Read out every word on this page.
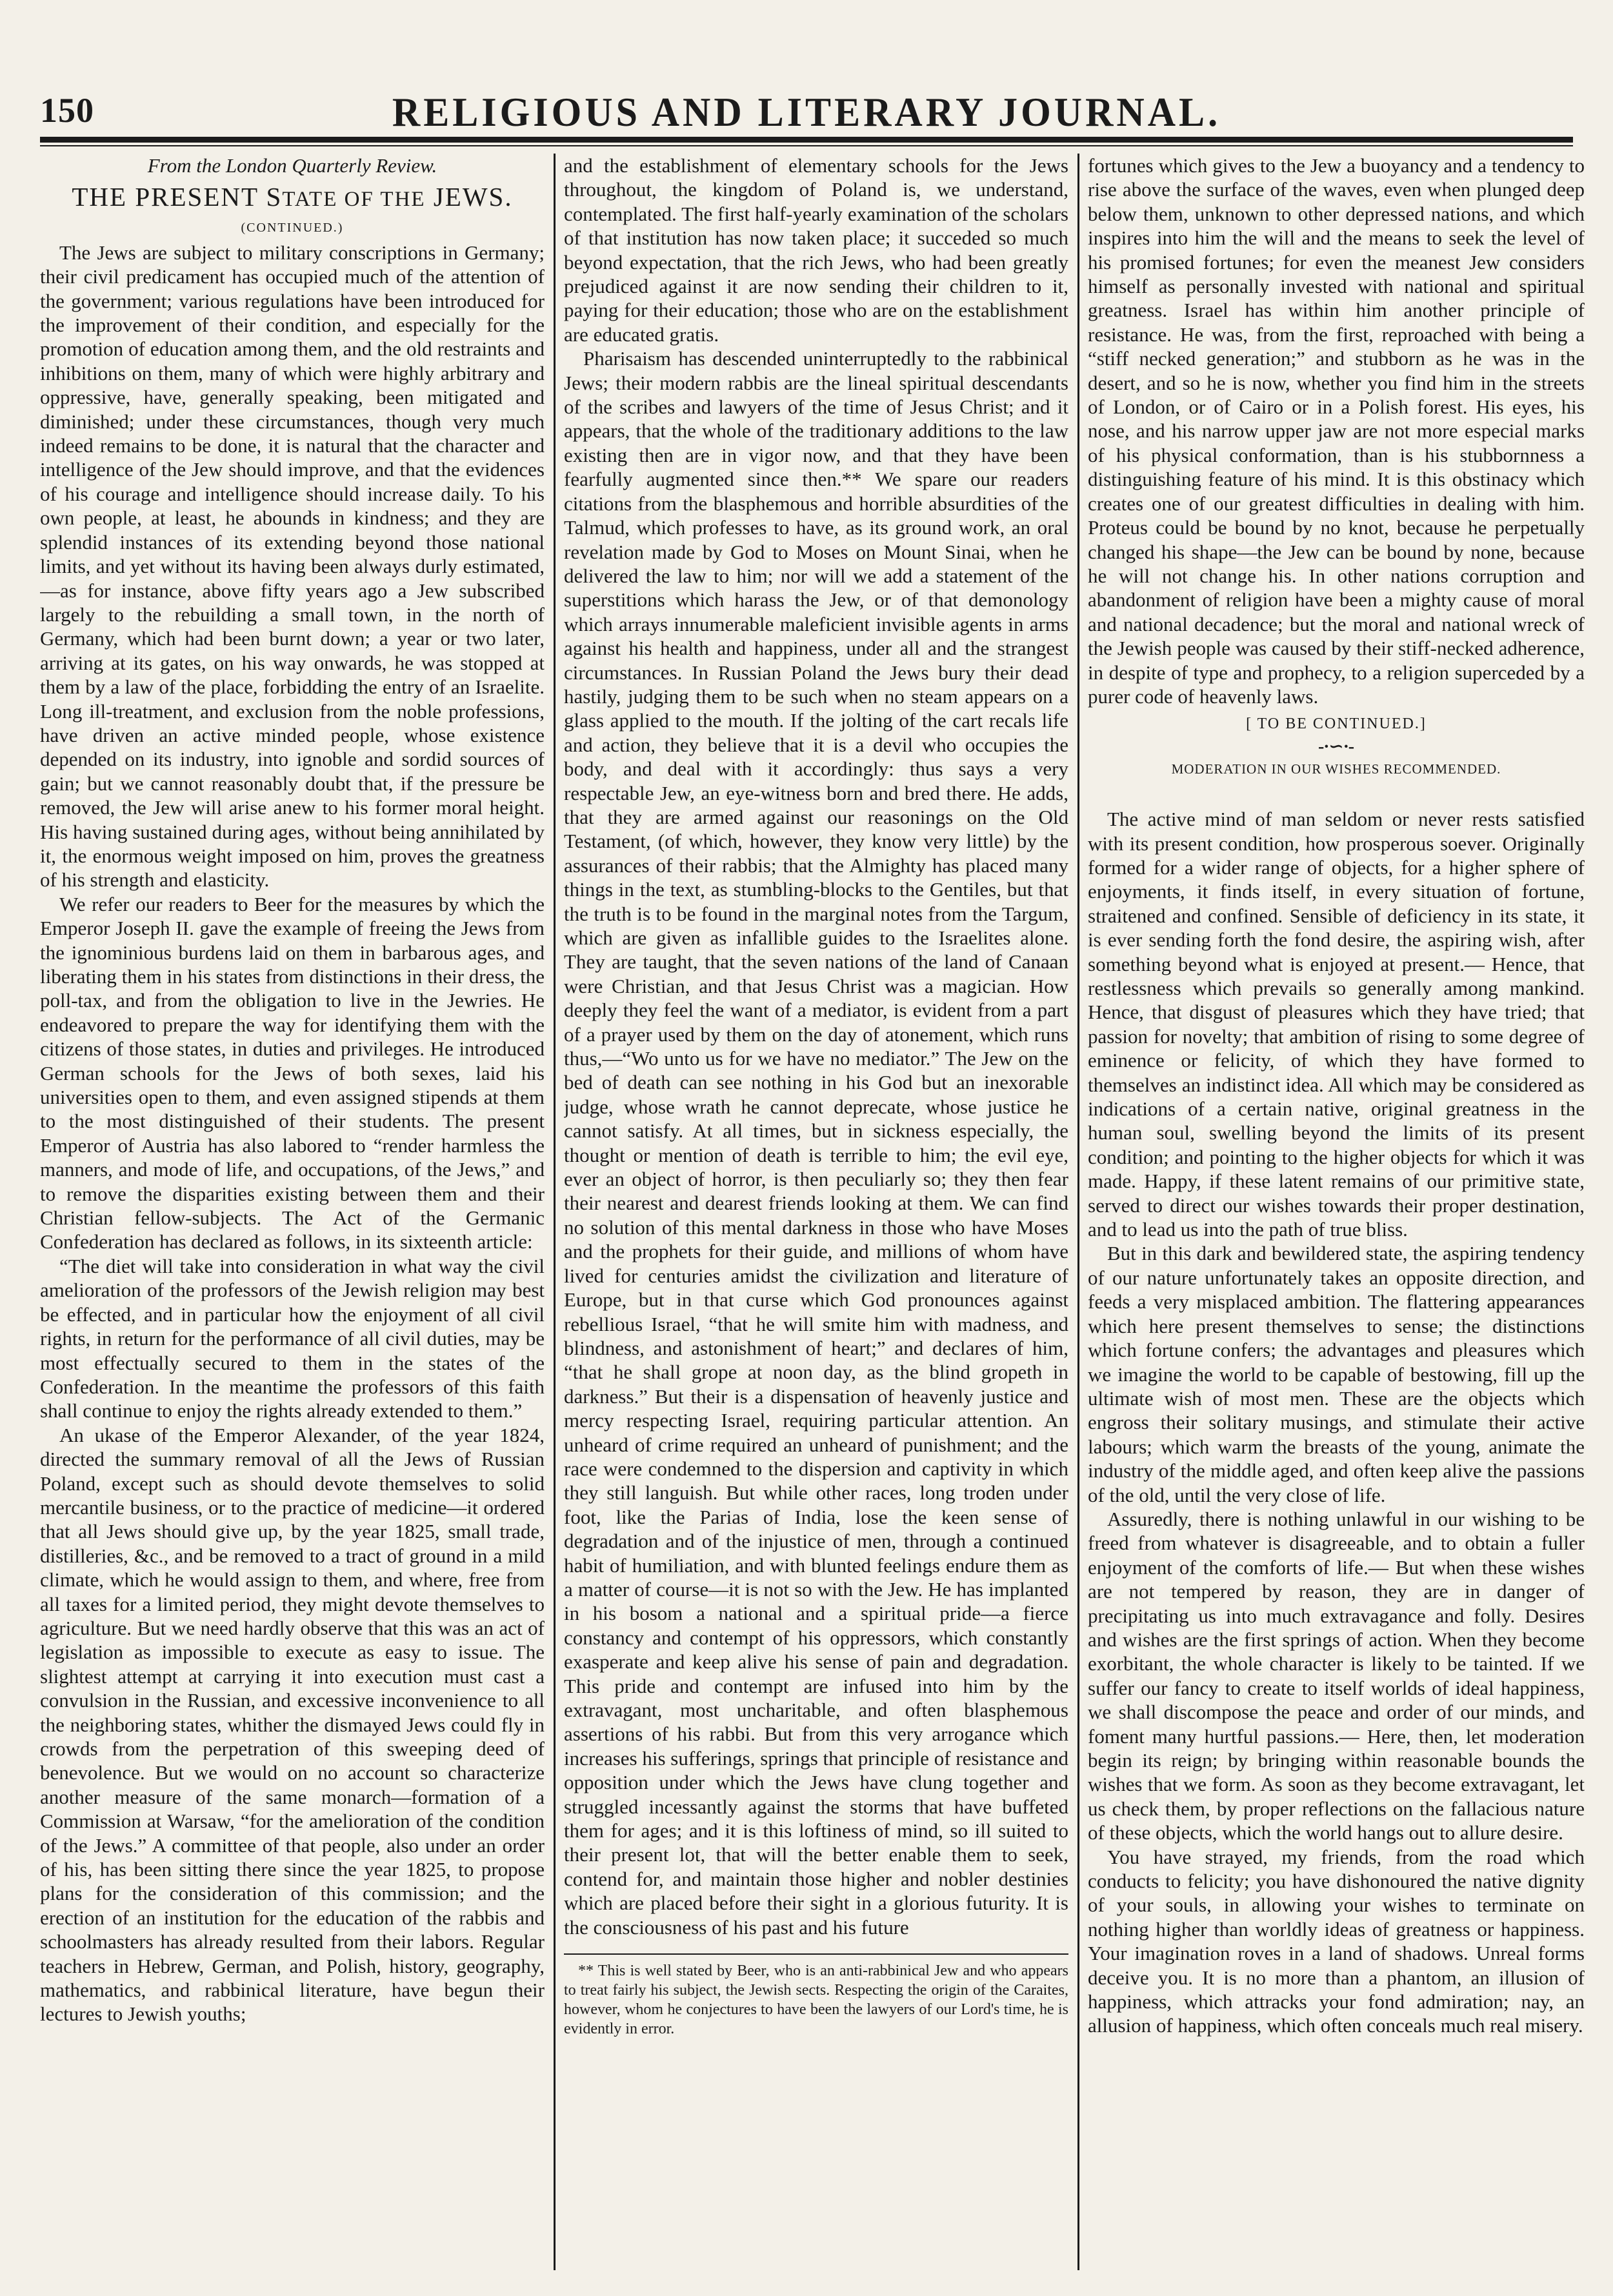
150	RELIGIOUS AND LITERARY JOURNAL.

From the London Quarterly Review.

THE PRESENT STATE OF THE JEWS.

(CONTINUED.)

The Jews are subject to military conscriptions in Germany; their civil predicament has occupied much of the attention of the government; various regulations have been introduced for the improvement of their condition, and especially for the promotion of education among them, and the old restraints and inhibitions on them, many of which were highly arbitrary and oppressive, have, generally speaking, been mitigated and diminished; under these circumstances, though very much indeed remains to be done, it is natural that the character and intelligence of the Jew should improve, and that the evidences of his courage and intelligence should increase daily. To his own people, at least, he abounds in kindness; and they are splendid instances of its extending beyond those national limits, and yet without its having been always durly estimated,—as for instance, above fifty years ago a Jew subscribed largely to the rebuilding a small town, in the north of Germany, which had been burnt down; a year or two later, arriving at its gates, on his way onwards, he was stopped at them by a law of the place, forbidding the entry of an Israelite. Long ill-treatment, and exclusion from the noble professions, have driven an active minded people, whose existence depended on its industry, into ignoble and sordid sources of gain; but we cannot reasonably doubt that, if the pressure be removed, the Jew will arise anew to his former moral height. His having sustained during ages, without being annihilated by it, the enormous weight imposed on him, proves the greatness of his strength and elasticity.

We refer our readers to Beer for the measures by which the Emperor Joseph II. gave the example of freeing the Jews from the ignominious burdens laid on them in barbarous ages, and liberating them in his states from distinctions in their dress, the poll-tax, and from the obligation to live in the Jewries. He endeavored to prepare the way for identifying them with the citizens of those states, in duties and privileges. He introduced German schools for the Jews of both sexes, laid his universities open to them, and even assigned stipends at them to the most distinguished of their students. The present Emperor of Austria has also labored to “render harmless the manners, and mode of life, and occupations, of the Jews,” and to remove the disparities existing between them and their Christian fellow-subjects. The Act of the Germanic Confederation has declared as follows, in its sixteenth article:

“The diet will take into consideration in what way the civil amelioration of the professors of the Jewish religion may best be effected, and in particular how the enjoyment of all civil rights, in return for the performance of all civil duties, may be most effectually secured to them in the states of the Confederation. In the meantime the professors of this faith shall continue to enjoy the rights already extended to them.”

An ukase of the Emperor Alexander, of the year 1824, directed the summary removal of all the Jews of Russian Poland, except such as should devote themselves to solid mercantile business, or to the practice of medicine—it ordered that all Jews should give up, by the year 1825, small trade, distilleries, &c., and be removed to a tract of ground in a mild climate, which he would assign to them, and where, free from all taxes for a limited period, they might devote themselves to agriculture. But we need hardly observe that this was an act of legislation as impossible to execute as easy to issue. The slightest attempt at carrying it into execution must cast a convulsion in the Russian, and excessive inconvenience to all the neighboring states, whither the dismayed Jews could fly in crowds from the perpetration of this sweeping deed of benevolence. But we would on no account so characterize another measure of the same monarch—formation of a Commission at Warsaw, “for the amelioration of the condition of the Jews.” A committee of that people, also under an order of his, has been sitting there since the year 1825, to propose plans for the consideration of this commission; and the erection of an institution for the education of the rabbis and schoolmasters has already resulted from their labors. Regular teachers in Hebrew, German, and Polish, history, geography, mathematics, and rabbinical literature, have begun their lectures to Jewish youths;

and the establishment of elementary schools for the Jews throughout, the kingdom of Poland is, we understand, contemplated. The first half-yearly examination of the scholars of that institution has now taken place; it succeded so much beyond expectation, that the rich Jews, who had been greatly prejudiced against it are now sending their children to it, paying for their education; those who are on the establishment are educated gratis.

Pharisaism has descended uninterruptedly to the rabbinical Jews; their modern rabbis are the lineal spiritual descendants of the scribes and lawyers of the time of Jesus Christ; and it appears, that the whole of the traditionary additions to the law existing then are in vigor now, and that they have been fearfully augmented since then.** We spare our readers citations from the blasphemous and horrible absurdities of the Talmud, which professes to have, as its ground work, an oral revelation made by God to Moses on Mount Sinai, when he delivered the law to him; nor will we add a statement of the superstitions which harass the Jew, or of that demonology which arrays innumerable maleficient invisible agents in arms against his health and happiness, under all and the strangest circumstances. In Russian Poland the Jews bury their dead hastily, judging them to be such when no steam appears on a glass applied to the mouth. If the jolting of the cart recals life and action, they believe that it is a devil who occupies the body, and deal with it accordingly: thus says a very respectable Jew, an eye-witness born and bred there. He adds, that they are armed against our reasonings on the Old Testament, (of which, however, they know very little) by the assurances of their rabbis; that the Almighty has placed many things in the text, as stumbling-blocks to the Gentiles, but that the truth is to be found in the marginal notes from the Targum, which are given as infallible guides to the Israelites alone. They are taught, that the seven nations of the land of Canaan were Christian, and that Jesus Christ was a magician. How deeply they feel the want of a mediator, is evident from a part of a prayer used by them on the day of atonement, which runs thus,—“Wo unto us for we have no mediator.” The Jew on the bed of death can see nothing in his God but an inexorable judge, whose wrath he cannot deprecate, whose justice he cannot satisfy. At all times, but in sickness especially, the thought or mention of death is terrible to him; the evil eye, ever an object of horror, is then peculiarly so; they then fear their nearest and dearest friends looking at them. We can find no solution of this mental darkness in those who have Moses and the prophets for their guide, and millions of whom have lived for centuries amidst the civilization and literature of Europe, but in that curse which God pronounces against rebellious Israel, “that he will smite him with madness, and blindness, and astonishment of heart;” and declares of him, “that he shall grope at noon day, as the blind gropeth in darkness.” But their is a dispensation of heavenly justice and mercy respecting Israel, requiring particular attention. An unheard of crime required an unheard of punishment; and the race were condemned to the dispersion and captivity in which they still languish. But while other races, long troden under foot, like the Parias of India, lose the keen sense of degradation and of the injustice of men, through a continued habit of humiliation, and with blunted feelings endure them as a matter of course—it is not so with the Jew. He has implanted in his bosom a national and a spiritual pride—a fierce constancy and contempt of his oppressors, which constantly exasperate and keep alive his sense of pain and degradation. This pride and contempt are infused into him by the extravagant, most uncharitable, and often blasphemous assertions of his rabbi. But from this very arrogance which increases his sufferings, springs that principle of resistance and opposition under which the Jews have clung together and struggled incessantly against the storms that have buffeted them for ages; and it is this loftiness of mind, so ill suited to their present lot, that will the better enable them to seek, contend for, and maintain those higher and nobler destinies which are placed before their sight in a glorious futurity. It is the consciousness of his past and his future

** This is well stated by Beer, who is an anti-rabbinical Jew and who appears to treat fairly his subject, the Jewish sects. Respecting the origin of the Caraites, however, whom he conjectures to have been the lawyers of our Lord's time, he is evidently in error.

fortunes which gives to the Jew a buoyancy and a tendency to rise above the surface of the waves, even when plunged deep below them, unknown to other depressed nations, and which inspires into him the will and the means to seek the level of his promised fortunes; for even the meanest Jew considers himself as personally invested with national and spiritual greatness. Israel has within him another principle of resistance. He was, from the first, reproached with being a “stiff necked generation;” and stubborn as he was in the desert, and so he is now, whether you find him in the streets of London, or of Cairo or in a Polish forest. His eyes, his nose, and his narrow upper jaw are not more especial marks of his physical conformation, than is his stubbornness a distinguishing feature of his mind. It is this obstinacy which creates one of our greatest difficulties in dealing with him. Proteus could be bound by no knot, because he perpetually changed his shape—the Jew can be bound by none, because he will not change his. In other nations corruption and abandonment of religion have been a mighty cause of moral and national decadence; but the moral and national wreck of the Jewish people was caused by their stiff-necked adherence, in despite of type and prophecy, to a religion superceded by a purer code of heavenly laws.

[ TO BE CONTINUED.]

-∙∽∙-

MODERATION IN OUR WISHES RECOMMENDED.

The active mind of man seldom or never rests satisfied with its present condition, how prosperous soever. Originally formed for a wider range of objects, for a higher sphere of enjoyments, it finds itself, in every situation of fortune, straitened and confined. Sensible of deficiency in its state, it is ever sending forth the fond desire, the aspiring wish, after something beyond what is enjoyed at present.— Hence, that restlessness which prevails so generally among mankind. Hence, that disgust of pleasures which they have tried; that passion for novelty; that ambition of rising to some degree of eminence or felicity, of which they have formed to themselves an indistinct idea. All which may be considered as indications of a certain native, original greatness in the human soul, swelling beyond the limits of its present condition; and pointing to the higher objects for which it was made. Happy, if these latent remains of our primitive state, served to direct our wishes towards their proper destination, and to lead us into the path of true bliss.

But in this dark and bewildered state, the aspiring tendency of our nature unfortunately takes an opposite direction, and feeds a very misplaced ambition. The flattering appearances which here present themselves to sense; the distinctions which fortune confers; the advantages and pleasures which we imagine the world to be capable of bestowing, fill up the ultimate wish of most men. These are the objects which engross their solitary musings, and stimulate their active labours; which warm the breasts of the young, animate the industry of the middle aged, and often keep alive the passions of the old, until the very close of life.

Assuredly, there is nothing unlawful in our wishing to be freed from whatever is disagreeable, and to obtain a fuller enjoyment of the comforts of life.— But when these wishes are not tempered by reason, they are in danger of precipitating us into much extravagance and folly. Desires and wishes are the first springs of action. When they become exorbitant, the whole character is likely to be tainted. If we suffer our fancy to create to itself worlds of ideal happiness, we shall discompose the peace and order of our minds, and foment many hurtful passions.— Here, then, let moderation begin its reign; by bringing within reasonable bounds the wishes that we form. As soon as they become extravagant, let us check them, by proper reflections on the fallacious nature of these objects, which the world hangs out to allure desire.

You have strayed, my friends, from the road which conducts to felicity; you have dishonoured the native dignity of your souls, in allowing your wishes to terminate on nothing higher than worldly ideas of greatness or happiness. Your imagination roves in a land of shadows. Unreal forms deceive you. It is no more than a phantom, an illusion of happiness, which attracks your fond admiration; nay, an allusion of happiness, which often conceals much real misery.
